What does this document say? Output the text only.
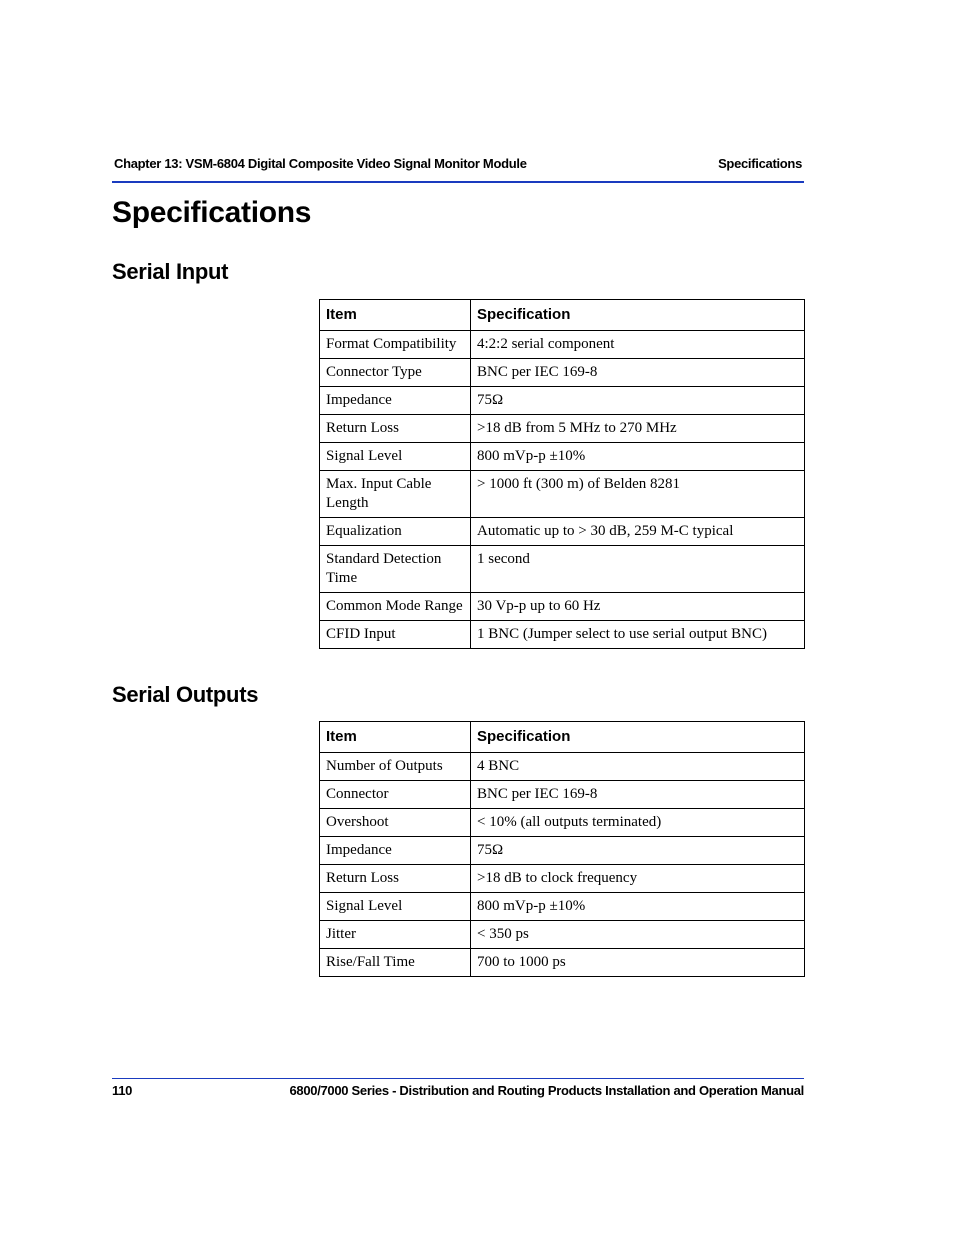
Chapter 13: VSM-6804 Digital Composite Video Signal Monitor Module	Specifications
Specifications
Serial Input
Item	Specification
Format Compatibility	4:2:2 serial component
Connector Type	BNC per IEC 169-8
Impedance	75Ω
Return Loss	>18 dB from 5 MHz to 270 MHz
Signal Level	800 mVp-p ±10%
Max. Input Cable Length	> 1000 ft (300 m) of Belden 8281
Equalization	Automatic up to > 30 dB, 259 M-C typical
Standard Detection Time	1 second
Common Mode Range	30 Vp-p up to 60 Hz
CFID Input	1 BNC (Jumper select to use serial output BNC)
Serial Outputs
Item	Specification
Number of Outputs	4 BNC
Connector	BNC per IEC 169-8
Overshoot	< 10% (all outputs terminated)
Impedance	75Ω
Return Loss	>18 dB to clock frequency
Signal Level	800 mVp-p ±10%
Jitter	< 350 ps
Rise/Fall Time	700 to 1000 ps
110	6800/7000 Series - Distribution and Routing Products Installation and Operation Manual
